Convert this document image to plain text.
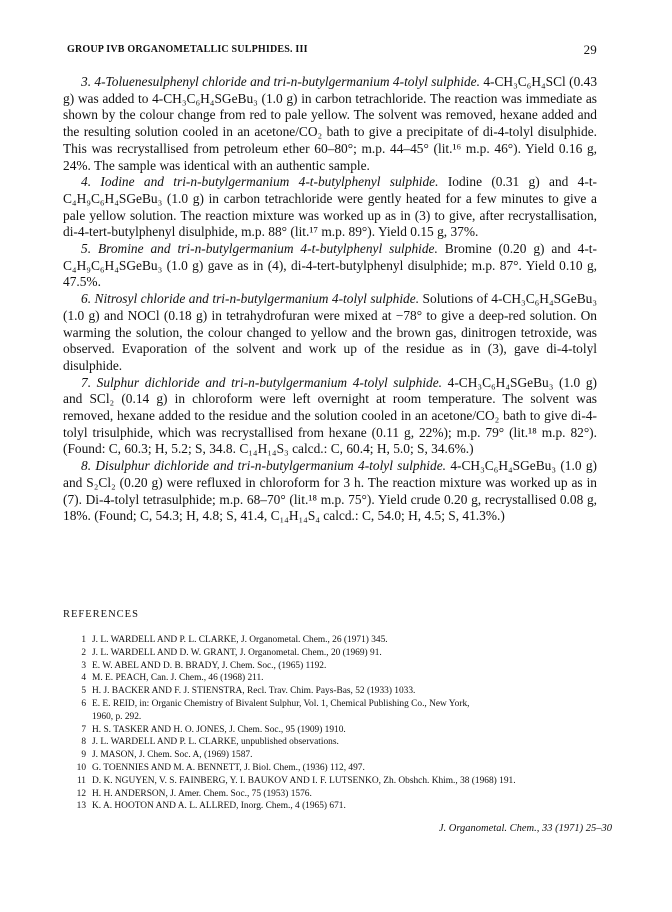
GROUP IVB ORGANOMETALLIC SULPHIDES. III	29

3. 4-Toluenesulphenyl chloride and tri-n-butylgermanium 4-tolyl sulphide. 4-CH₃C₆H₄SCl (0.43 g) was added to 4-CH₃C₆H₄SGeBu₃ (1.0 g) in carbon tetrachloride. The reaction was immediate as shown by the colour change from red to pale yellow. The solvent was removed, hexane added and the resulting solution cooled in an acetone/CO₂ bath to give a precipitate of di-4-tolyl disulphide. This was recrystallised from petroleum ether 60–80°; m.p. 44–45° (lit.¹⁶ m.p. 46°). Yield 0.16 g, 24%. The sample was identical with an authentic sample.

4. Iodine and tri-n-butylgermanium 4-t-butylphenyl sulphide. Iodine (0.31 g) and 4-t-C₄H₉C₆H₄SGeBu₃ (1.0 g) in carbon tetrachloride were gently heated for a few minutes to give a pale yellow solution. The reaction mixture was worked up as in (3) to give, after recrystallisation, di-4-tert-butylphenyl disulphide, m.p. 88° (lit.¹⁷ m.p. 89°). Yield 0.15 g, 37%.

5. Bromine and tri-n-butylgermanium 4-t-butylphenyl sulphide. Bromine (0.20 g) and 4-t-C₄H₉C₆H₄SGeBu₃ (1.0 g) gave as in (4), di-4-tert-butylphenyl disulphide; m.p. 87°. Yield 0.10 g, 47.5%.

6. Nitrosyl chloride and tri-n-butylgermanium 4-tolyl sulphide. Solutions of 4-CH₃C₆H₄SGeBu₃ (1.0 g) and NOCl (0.18 g) in tetrahydrofuran were mixed at −78° to give a deep-red solution. On warming the solution, the colour changed to yellow and the brown gas, dinitrogen tetroxide, was observed. Evaporation of the solvent and work up of the residue as in (3), gave di-4-tolyl disulphide.

7. Sulphur dichloride and tri-n-butylgermanium 4-tolyl sulphide. 4-CH₃C₆H₄SGeBu₃ (1.0 g) and SCl₂ (0.14 g) in chloroform were left overnight at room temperature. The solvent was removed, hexane added to the residue and the solution cooled in an acetone/CO₂ bath to give di-4-tolyl trisulphide, which was recrystallised from hexane (0.11 g, 22%); m.p. 79° (lit.¹⁸ m.p. 82°). (Found: C, 60.3; H, 5.2; S, 34.8. C₁₄H₁₄S₃ calcd.: C, 60.4; H, 5.0; S, 34.6%.)

8. Disulphur dichloride and tri-n-butylgermanium 4-tolyl sulphide. 4-CH₃C₆H₄SGeBu₃ (1.0 g) and S₂Cl₂ (0.20 g) were refluxed in chloroform for 3 h. The reaction mixture was worked up as in (7). Di-4-tolyl tetrasulphide; m.p. 68–70° (lit.¹⁸ m.p. 75°). Yield crude 0.20 g, recrystallised 0.08 g, 18%. (Found; C, 54.3; H, 4.8; S, 41.4, C₁₄H₁₄S₄ calcd.: C, 54.0; H, 4.5; S, 41.3%.)

REFERENCES
1 J. L. WARDELL AND P. L. CLARKE, J. Organometal. Chem., 26 (1971) 345.
2 J. L. WARDELL AND D. W. GRANT, J. Organometal. Chem., 20 (1969) 91.
3 E. W. ABEL AND D. B. BRADY, J. Chem. Soc., (1965) 1192.
4 M. E. PEACH, Can. J. Chem., 46 (1968) 211.
5 H. J. BACKER AND F. J. STIENSTRA, Recl. Trav. Chim. Pays-Bas, 52 (1933) 1033.
6 E. E. REID, in: Organic Chemistry of Bivalent Sulphur, Vol. 1, Chemical Publishing Co., New York,
1960, p. 292.
7 H. S. TASKER AND H. O. JONES, J. Chem. Soc., 95 (1909) 1910.
8 J. L. WARDELL AND P. L. CLARKE, unpublished observations.
9 J. MASON, J. Chem. Soc. A, (1969) 1587.
10 G. TOENNIES AND M. A. BENNETT, J. Biol. Chem., (1936) 112, 497.
11 D. K. NGUYEN, V. S. FAINBERG, Y. I. BAUKOV AND I. F. LUTSENKO, Zh. Obshch. Khim., 38 (1968) 191.
12 H. H. ANDERSON, J. Amer. Chem. Soc., 75 (1953) 1576.
13 K. A. HOOTON AND A. L. ALLRED, Inorg. Chem., 4 (1965) 671.
J. Organometal. Chem., 33 (1971) 25–30
